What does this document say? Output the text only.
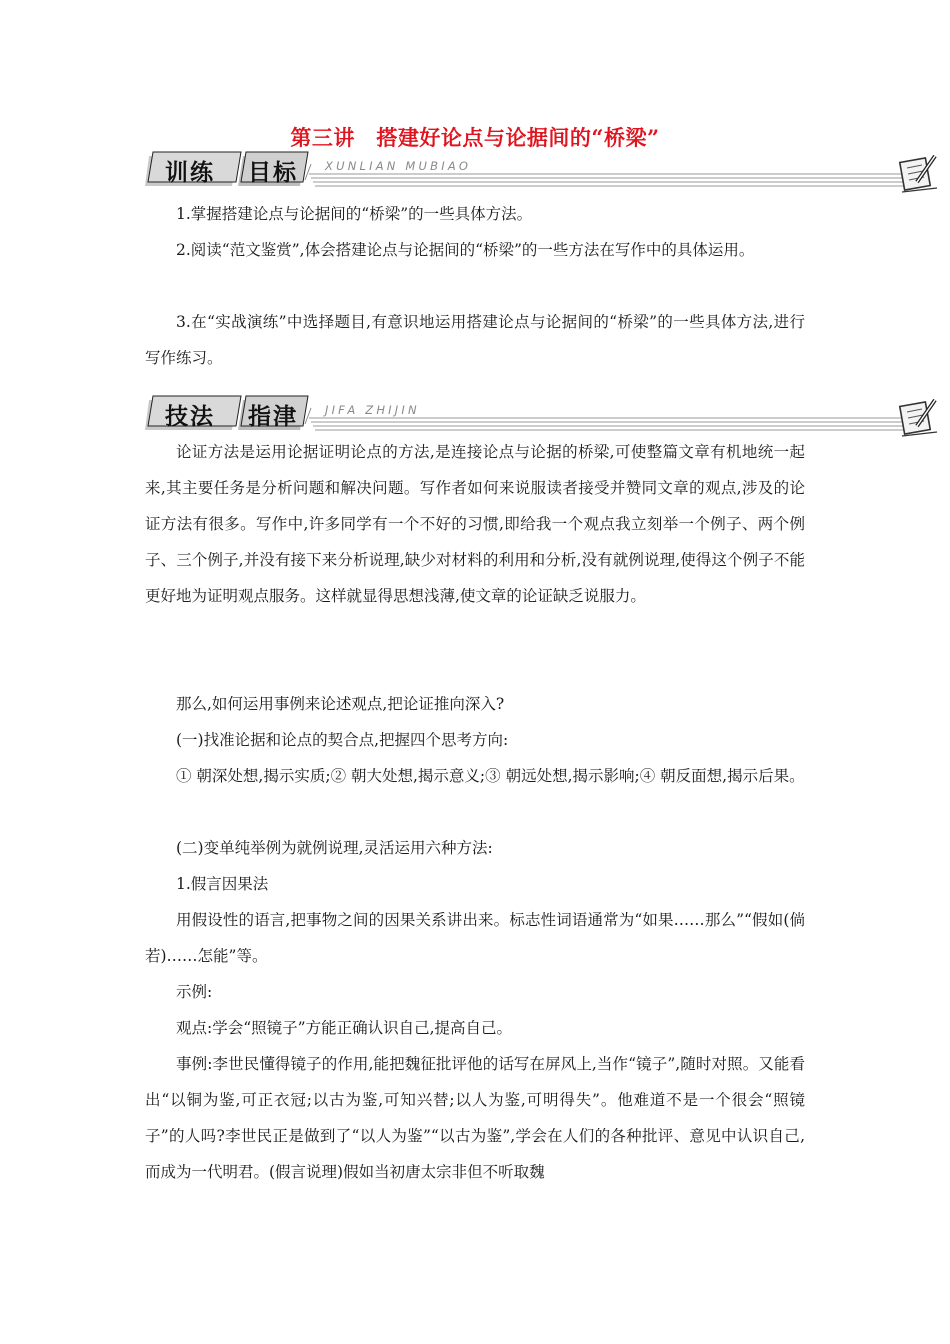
第三讲　搭建好论点与论据间的“桥梁”
训练 目标 XUNLIAN MUBIAO

1.掌握搭建论点与论据间的“桥梁”的一些具体方法。

2.阅读“范文鉴赏”,体会搭建论点与论据间的“桥梁”的一些方法在写作中的具体运用。

3.在“实战演练”中选择题目,有意识地运用搭建论点与论据间的“桥梁”的一些具体方法,进行写作练习。

技法 指津 JIFA ZHIJIN

论证方法是运用论据证明论点的方法,是连接论点与论据的桥梁,可使整篇文章有机地统一起来,其主要任务是分析问题和解决问题。写作者如何来说服读者接受并赞同文章的观点,涉及的论证方法有很多。写作中,许多同学有一个不好的习惯,即给我一个观点我立刻举一个例子、两个例子、三个例子,并没有接下来分析说理,缺少对材料的利用和分析,没有就例说理,使得这个例子不能更好地为证明观点服务。这样就显得思想浅薄,使文章的论证缺乏说服力。

那么,如何运用事例来论述观点,把论证推向深入?

(一)找准论据和论点的契合点,把握四个思考方向:

① 朝深处想,揭示实质;② 朝大处想,揭示意义;③ 朝远处想,揭示影响;④ 朝反面想,揭示后果。

(二)变单纯举例为就例说理,灵活运用六种方法:

1.假言因果法

用假设性的语言,把事物之间的因果关系讲出来。标志性词语通常为“如果……那么”“假如(倘若)……怎能”等。

示例:

观点:学会“照镜子”方能正确认识自己,提高自己。

事例:李世民懂得镜子的作用,能把魏征批评他的话写在屏风上,当作“镜子”,随时对照。又能看出“以铜为鉴,可正衣冠;以古为鉴,可知兴替;以人为鉴,可明得失”。他难道不是一个很会“照镜子”的人吗?李世民正是做到了“以人为鉴”“以古为鉴”,学会在人们的各种批评、意见中认识自己,而成为一代明君。(假言说理)假如当初唐太宗非但不听取魏
